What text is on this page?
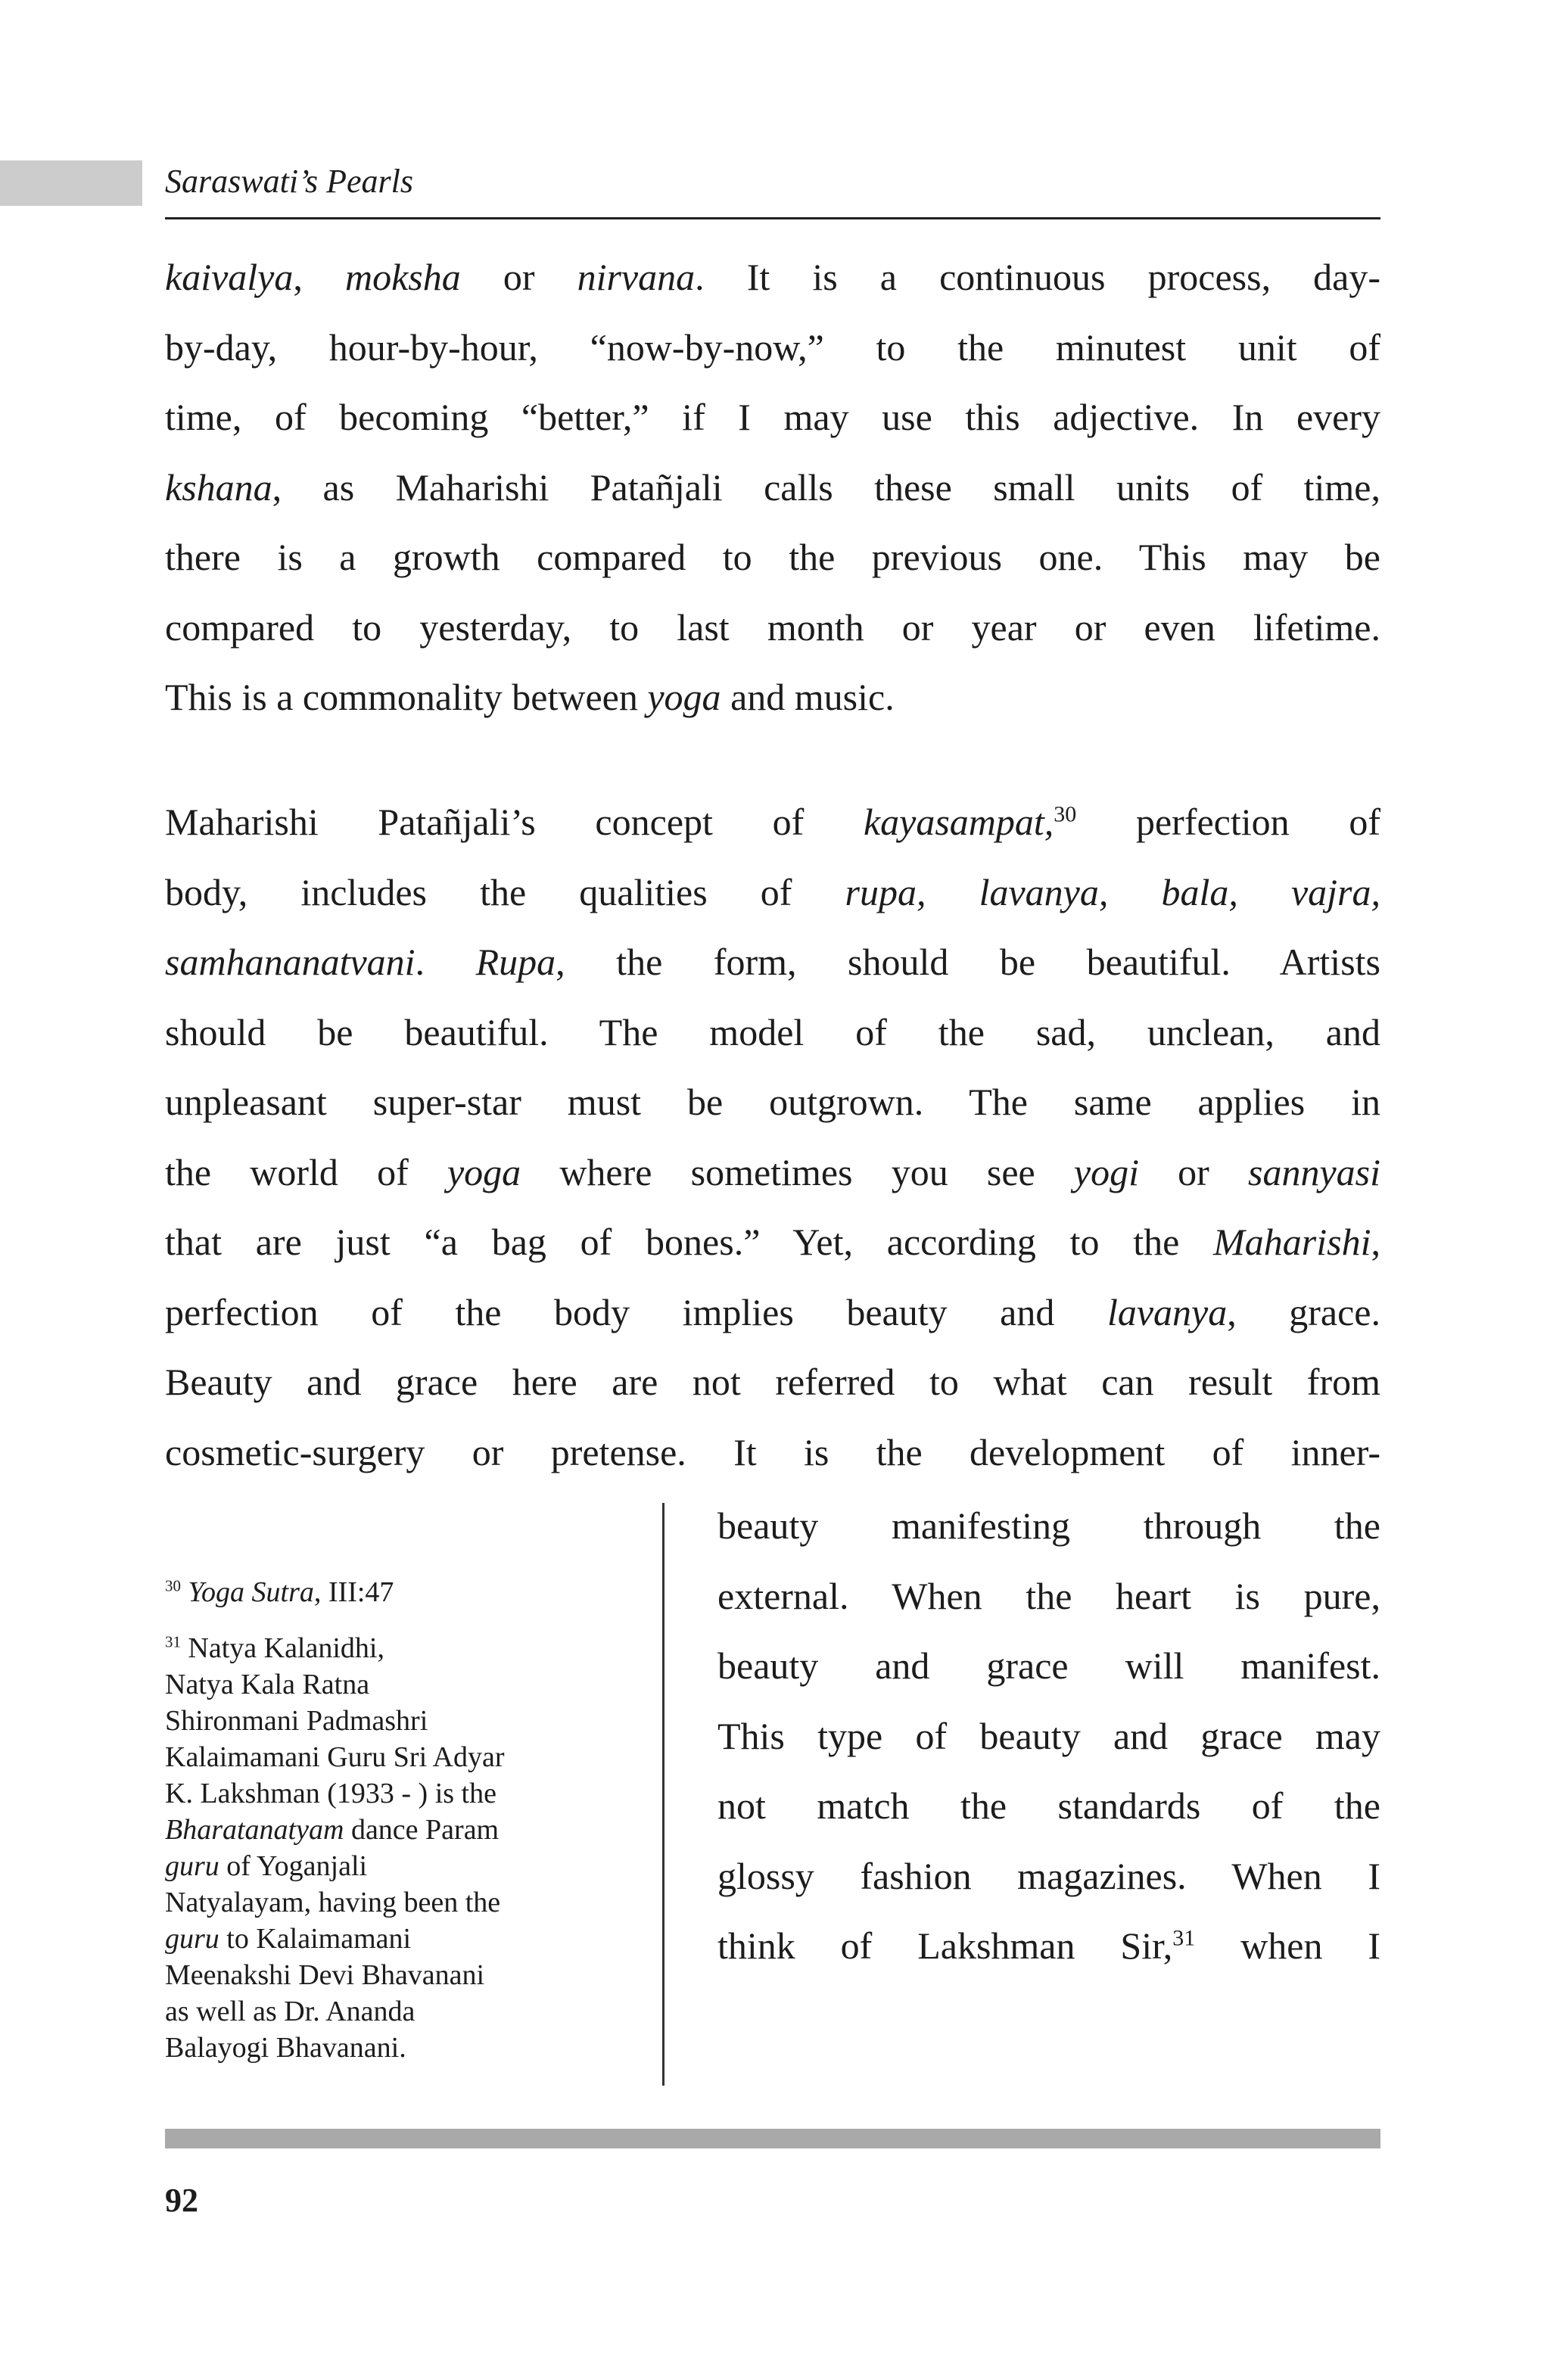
Saraswati’s Pearls

kaivalya, moksha or nirvana. It is a continuous process, day-
by-day, hour-by-hour, “now-by-now,” to the minutest unit of
time, of becoming “better,” if I may use this adjective. In every
kshana, as Maharishi Patañjali calls these small units of time,
there is a growth compared to the previous one. This may be
compared to yesterday, to last month or year or even lifetime.
This is a commonality between yoga and music.

Maharishi Patañjali’s concept of kayasampat,$^{30}$ perfection of
body, includes the qualities of rupa, lavanya, bala, vajra,
samhananatvani. Rupa, the form, should be beautiful. Artists
should be beautiful. The model of the sad, unclean, and
unpleasant super-star must be outgrown. The same applies in
the world of yoga where sometimes you see yogi or sannyasi
that are just “a bag of bones.” Yet, according to the Maharishi,
perfection of the body implies beauty and lavanya, grace.
Beauty and grace here are not referred to what can result from
cosmetic-surgery or pretense. It is the development of inner-

beauty manifesting through the
external. When the heart is pure,
beauty and grace will manifest.
This type of beauty and grace may
not match the standards of the
glossy fashion magazines. When I
think of Lakshman Sir,$^{31}$ when I

$^{30}$ Yoga Sutra, III:47

$^{31}$ Natya Kalanidhi,
Natya Kala Ratna
Shironmani Padmashri
Kalaimamani Guru Sri Adyar
K. Lakshman (1933 - ) is the
Bharatanatyam dance Param
guru of Yoganjali
Natyalayam, having been the
guru to Kalaimamani
Meenakshi Devi Bhavanani
as well as Dr. Ananda
Balayogi Bhavanani.

92
